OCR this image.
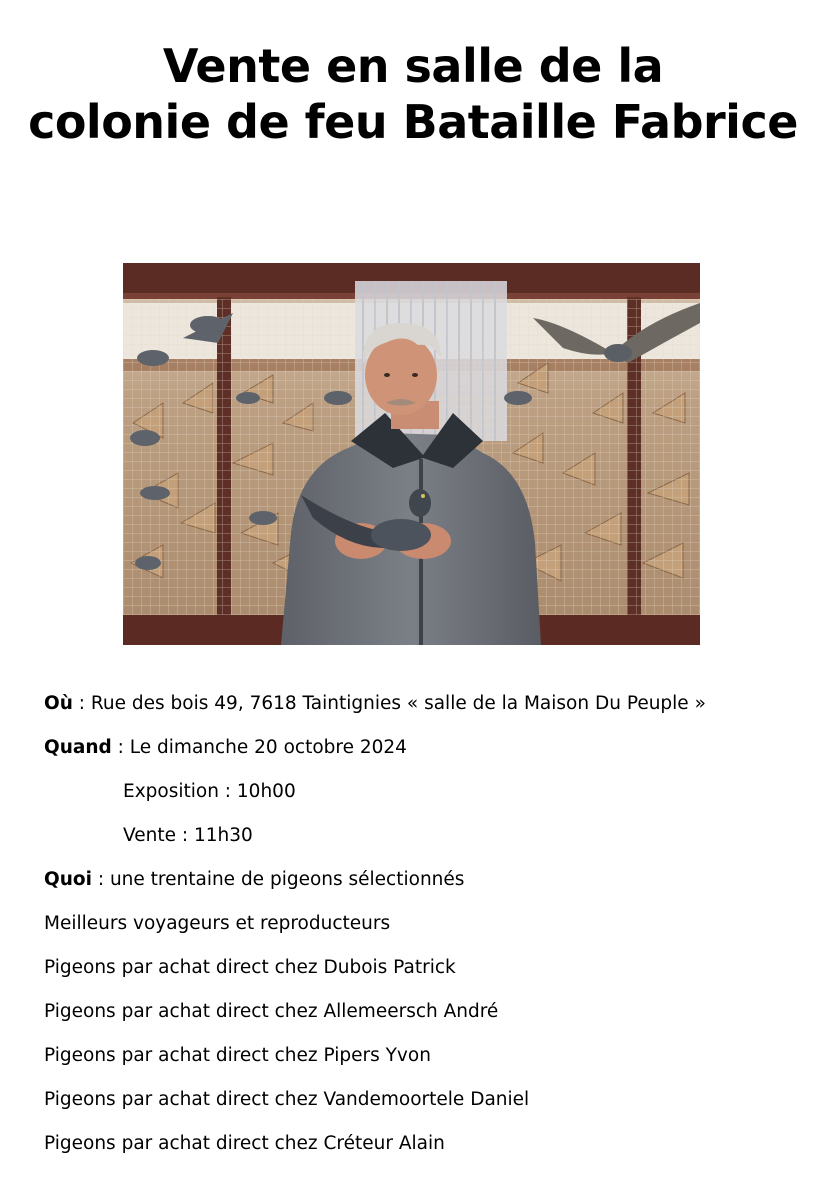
Vente en salle de la
colonie de feu Bataille Fabrice
Où : Rue des bois 49, 7618 Taintignies « salle de la Maison Du Peuple »
Quand : Le dimanche 20 octobre 2024
Exposition : 10h00
Vente : 11h30
Quoi : une trentaine de pigeons sélectionnés
Meilleurs voyageurs et reproducteurs
Pigeons par achat direct chez Dubois Patrick
Pigeons par achat direct chez Allemeersch André
Pigeons par achat direct chez Pipers Yvon
Pigeons par achat direct chez Vandemoortele Daniel
Pigeons par achat direct chez Créteur Alain
